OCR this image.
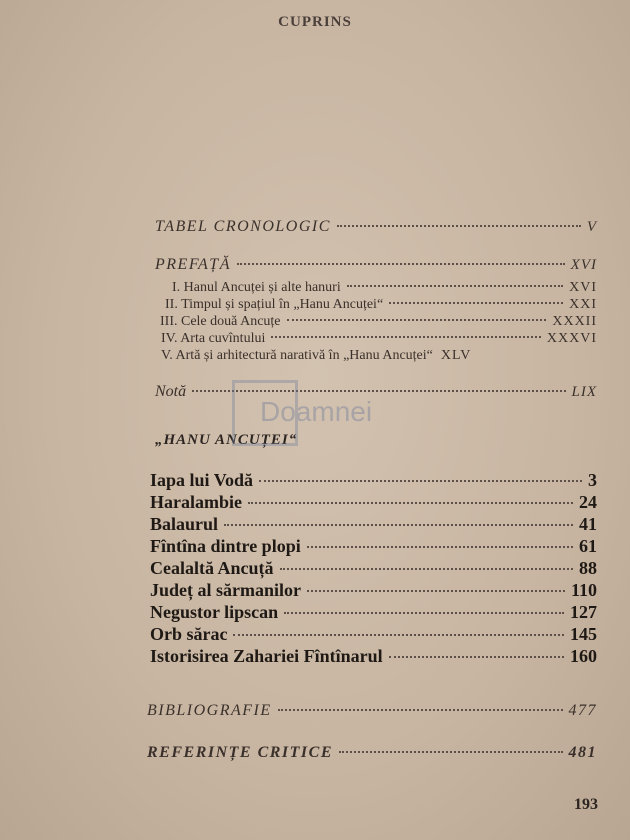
CUPRINS
TABEL CRONOLOGIC	V
PREFAȚĂ	XVI
I. Hanul Ancuței și alte hanuri	XVI
II. Timpul și spațiul în „Hanu Ancuței“	XXI
III. Cele două Ancuțe	XXXII
IV. Arta cuvîntului	XXXVI
V. Artă și arhitectură narativă în „Hanu Ancuței“ XLV
Notă	LIX
„HANU ANCUȚEI“
Iapa lui Vodă	3
Haralambie	24
Balaurul	41
Fîntîna dintre plopi	61
Cealaltă Ancuță	88
Județ al sărmanilor	110
Negustor lipscan	127
Orb sărac	145
Istorisirea Zahariei Fîntînarul	160
BIBLIOGRAFIE	477
REFERINȚE CRITICE	481
Doamnei
193
